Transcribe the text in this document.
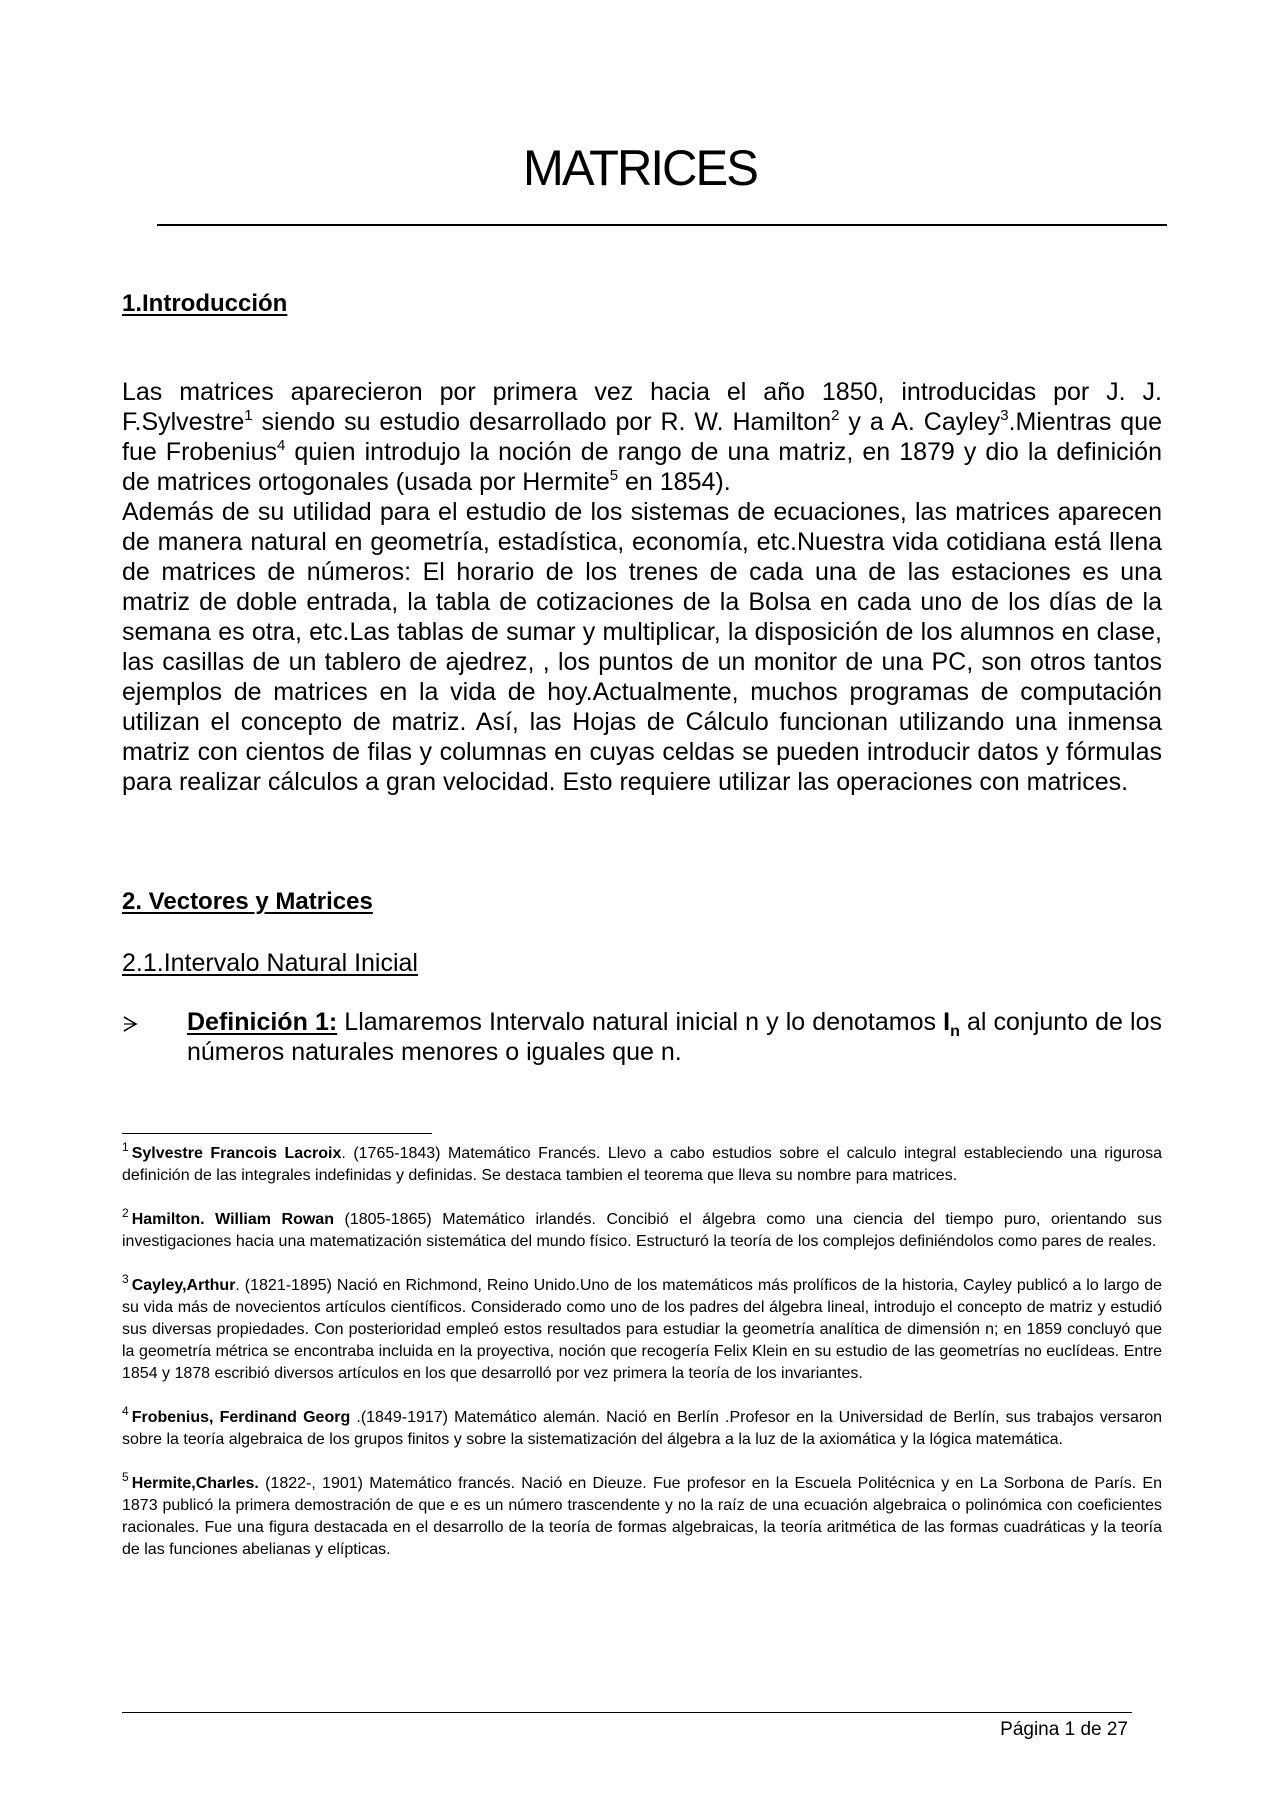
MATRICES
1.Introducción

Las matrices aparecieron por primera vez hacia el año 1850, introducidas por J. J. F.Sylvestre$^1$ siendo su estudio desarrollado por R. W. Hamilton$^2$ y a A. Cayley$^3$.Mientras que fue Frobenius$^4$ quien introdujo la noción de rango de una matriz, en 1879 y dio la definición de matrices ortogonales (usada por Hermite$^5$ en 1854).

Además de su utilidad para el estudio de los sistemas de ecuaciones, las matrices aparecen de manera natural en geometría, estadística, economía, etc.Nuestra vida cotidiana está llena de matrices de números: El horario de los trenes de cada una de las estaciones es una matriz de doble entrada, la tabla de cotizaciones de la Bolsa en cada uno de los días de la semana es otra, etc.Las tablas de sumar y multiplicar, la disposición de los alumnos en clase, las casillas de un tablero de ajedrez, , los puntos de un monitor de una PC, son otros tantos ejemplos de matrices en la vida de hoy.Actualmente, muchos programas de computación utilizan el concepto de matriz. Así, las Hojas de Cálculo funcionan utilizando una inmensa matriz con cientos de filas y columnas en cuyas celdas se pueden introducir datos y fórmulas para realizar cálculos a gran velocidad. Esto requiere utilizar las operaciones con matrices.

2. Vectores y Matrices
2.1.Intervalo Natural Inicial
Definición 1: Llamaremos Intervalo natural inicial n y lo denotamos $I_n$ al conjunto de los números naturales menores o iguales que n.

$^1$ Sylvestre Francois Lacroix. (1765-1843) Matemático Francés. Llevo a cabo estudios sobre el calculo integral estableciendo una rigurosa definición de las integrales indefinidas y definidas. Se destaca tambien el teorema que lleva su nombre para matrices.

$^2$ Hamilton. William Rowan (1805-1865) Matemático irlandés. Concibió el álgebra como una ciencia del tiempo puro, orientando sus investigaciones hacia una matematización sistemática del mundo físico. Estructuró la teoría de los complejos definiéndolos como pares de reales.

$^3$ Cayley,Arthur. (1821-1895) Nació en Richmond, Reino Unido.Uno de los matemáticos más prolíficos de la historia, Cayley publicó a lo largo de su vida más de novecientos artículos científicos. Considerado como uno de los padres del álgebra lineal, introdujo el concepto de matriz y estudió sus diversas propiedades. Con posterioridad empleó estos resultados para estudiar la geometría analítica de dimensión n; en 1859 concluyó que la geometría métrica se encontraba incluida en la proyectiva, noción que recogería Felix Klein en su estudio de las geometrías no euclídeas. Entre 1854 y 1878 escribió diversos artículos en los que desarrolló por vez primera la teoría de los invariantes.

$^4$ Frobenius, Ferdinand Georg .(1849-1917) Matemático alemán. Nació en Berlín .Profesor en la Universidad de Berlín, sus trabajos versaron sobre la teoría algebraica de los grupos finitos y sobre la sistematización del álgebra a la luz de la axiomática y la lógica matemática.

$^5$ Hermite,Charles. (1822-, 1901) Matemático francés. Nació en Dieuze. Fue profesor en la Escuela Politécnica y en La Sorbona de París. En 1873 publicó la primera demostración de que e es un número trascendente y no la raíz de una ecuación algebraica o polinómica con coeficientes racionales. Fue una figura destacada en el desarrollo de la teoría de formas algebraicas, la teoría aritmética de las formas cuadráticas y la teoría de las funciones abelianas y elípticas.

Página 1 de 27
